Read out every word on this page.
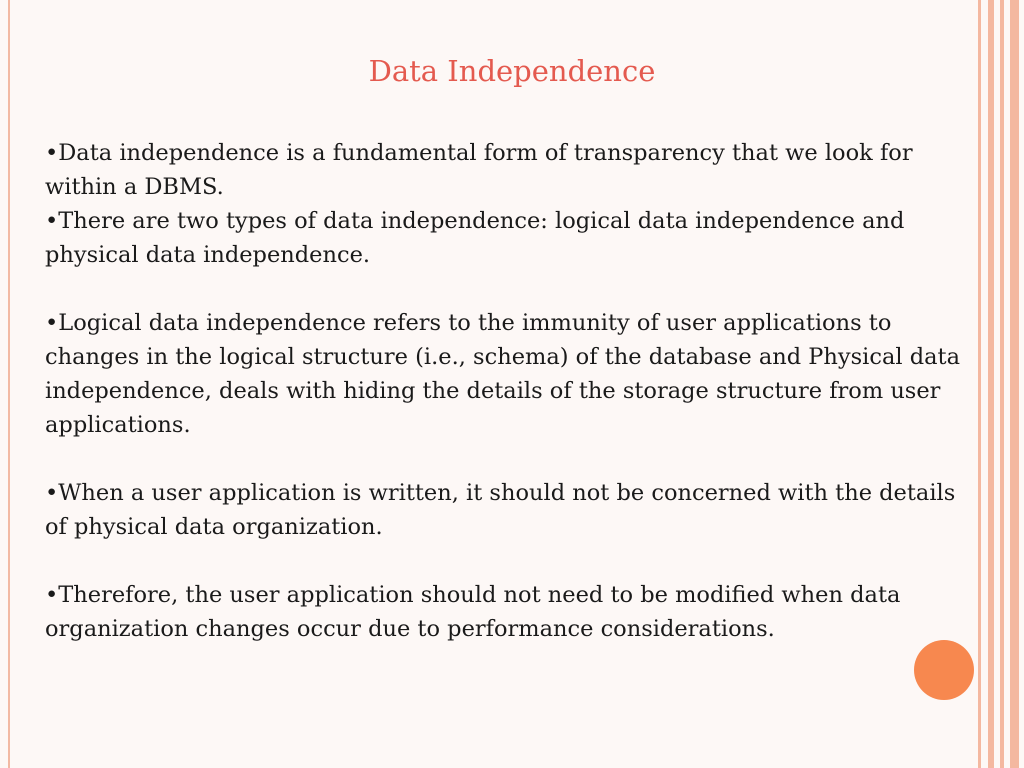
Data Independence

•Data independence is a fundamental form of transparency that we look for within a DBMS.

•There are two types of data independence: logical data independence and physical data independence.

•Logical data independence refers to the immunity of user applications to changes in the logical structure (i.e., schema) of the database and Physical data independence, deals with hiding the details of the storage structure from user applications.

•When a user application is written, it should not be concerned with the details of physical data organization.

•Therefore, the user application should not need to be modified when data organization changes occur due to performance considerations.
